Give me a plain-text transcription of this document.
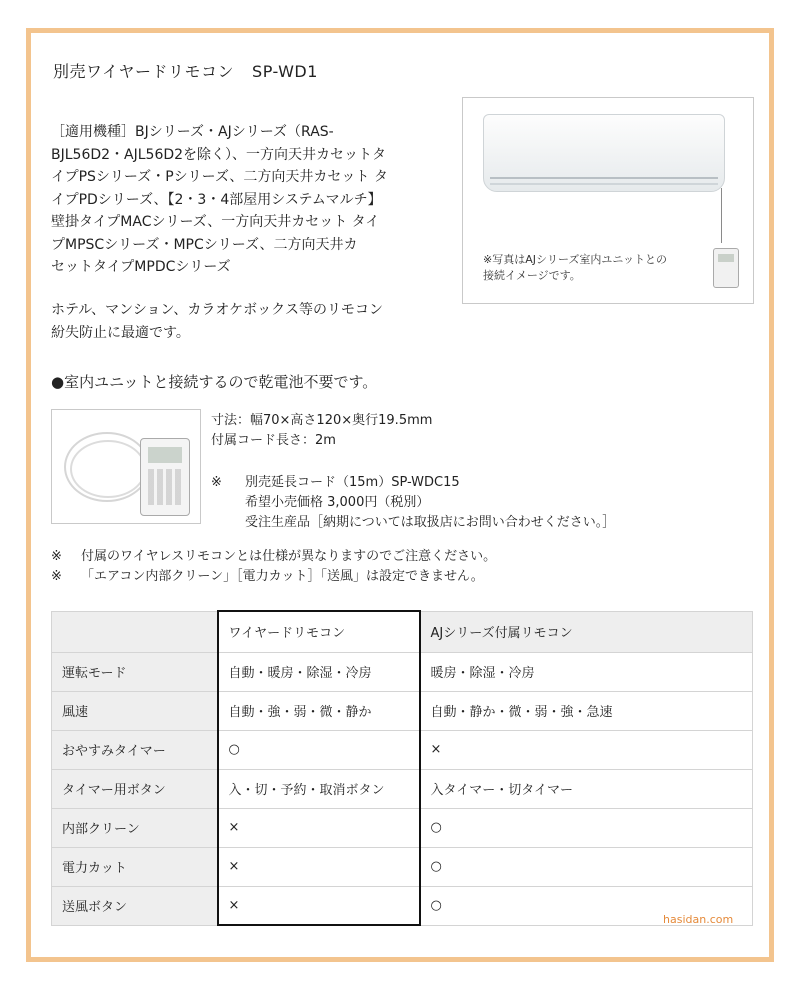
別売ワイヤードリモコン SP-WD1
［適用機種］BJシリーズ・AJシリーズ（RAS-
BJL56D2・AJL56D2を除く）、一方向天井カセットタ
イプPSシリーズ・Pシリーズ、二方向天井カセット タ
イプPDシリーズ、【2・3・4部屋用システムマルチ】
壁掛タイプMACシリーズ、一方向天井カセット タイ
プMPSCシリーズ・MPCシリーズ、二方向天井カ
セットタイプMPDCシリーズ
ホテル、マンション、カラオケボックス等のリモコン
紛失防止に最適です。
●室内ユニットと接続するので乾電池不要です。
※写真はAJシリーズ室内ユニットとの
接続イメージです。
寸法：幅70×高さ120×奥行19.5mm
付属コード長さ：2m
※ 別売延長コード（15m）SP-WDC15
希望小売価格 3,000円（税別）
受注生産品［納期については取扱店にお問い合わせください。］
※ 付属のワイヤレスリモコンとは仕様が異なりますのでご注意ください。
※ 「エアコン内部クリーン」［電力カット］「送風」は設定できません。
	ワイヤードリモコン	AJシリーズ付属リモコン
運転モード	自動・暖房・除湿・冷房	暖房・除湿・冷房
風速	自動・強・弱・微・静か	自動・静か・微・弱・強・急速
おやすみタイマー	○	×
タイマー用ボタン	入・切・予約・取消ボタン	入タイマー・切タイマー
内部クリーン	×	○
電力カット	×	○
送風ボタン	×	○
hasidan.com
